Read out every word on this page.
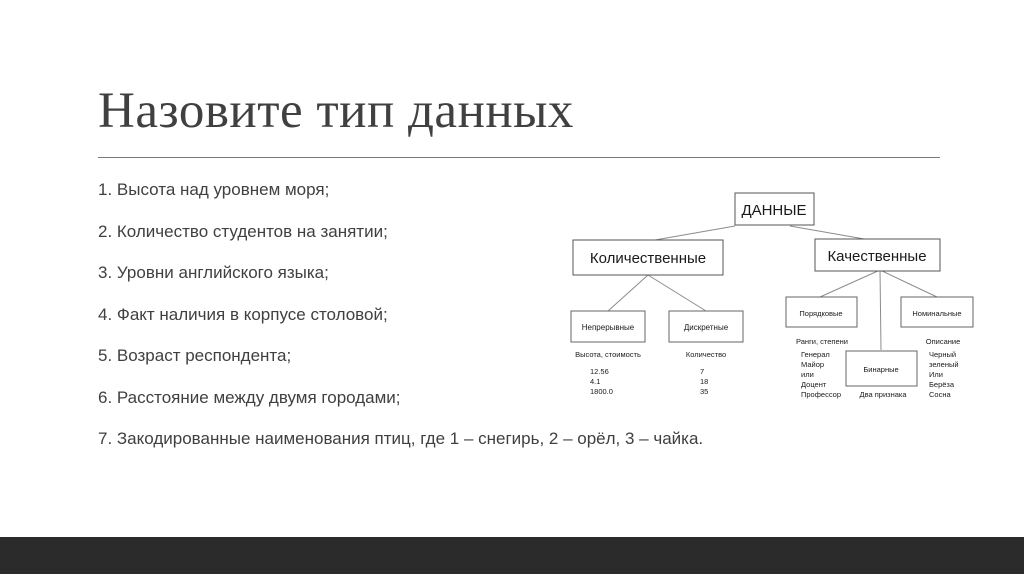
Назовите тип данных
1. Высота над уровнем моря;
2. Количество студентов на занятии;
3. Уровни английского языка;
4. Факт наличия в корпусе столовой;
5. Возраст респондента;
6. Расстояние между двумя городами;
7. Закодированные наименования птиц, где 1 – снегирь, 2 – орёл, 3 – чайка.
ДАННЫЕ
Количественные	Качественные
Непрерывные
Высота, стоимость
12.56
4.1
1800.0
Дискретные
Количество
7
18
35
Порядковые
Ранги, степени
Генерал
Майор
или
Доцент
Профессор
Бинарные
Два признака
Номинальные
Описание
Черный
зеленый
Или
Берёза
Сосна
